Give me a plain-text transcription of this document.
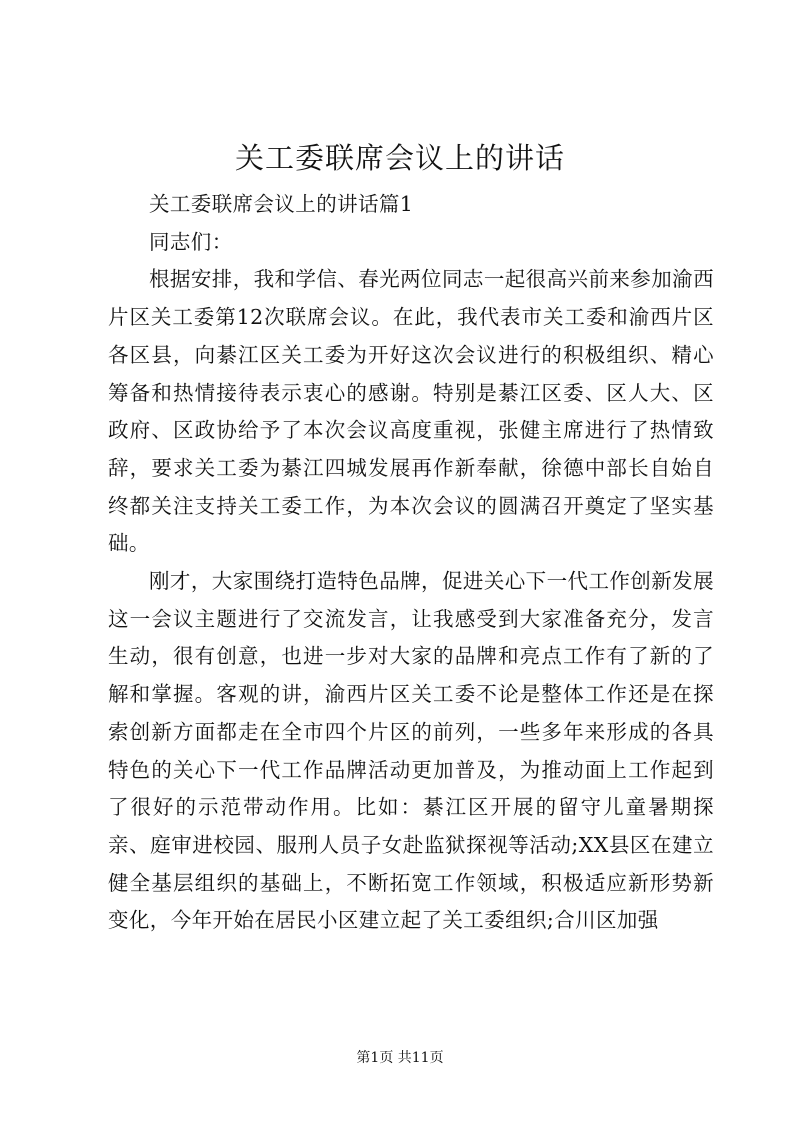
关工委联席会议上的讲话

关工委联席会议上的讲话篇1

同志们：

根据安排，我和学信、春光两位同志一起很高兴前来参加渝西片区关工委第12次联席会议。在此，我代表市关工委和渝西片区各区县，向綦江区关工委为开好这次会议进行的积极组织、精心筹备和热情接待表示衷心的感谢。特别是綦江区委、区人大、区政府、区政协给予了本次会议高度重视，张健主席进行了热情致辞，要求关工委为綦江四城发展再作新奉献，徐德中部长自始自终都关注支持关工委工作，为本次会议的圆满召开奠定了坚实基础。

刚才，大家围绕打造特色品牌，促进关心下一代工作创新发展这一会议主题进行了交流发言，让我感受到大家准备充分，发言生动，很有创意，也进一步对大家的品牌和亮点工作有了新的了解和掌握。客观的讲，渝西片区关工委不论是整体工作还是在探索创新方面都走在全市四个片区的前列，一些多年来形成的各具特色的关心下一代工作品牌活动更加普及，为推动面上工作起到了很好的示范带动作用。比如：綦江区开展的留守儿童暑期探亲、庭审进校园、服刑人员子女赴监狱探视等活动;XX县区在建立健全基层组织的基础上，不断拓宽工作领域，积极适应新形势新变化，今年开始在居民小区建立起了关工委组织;合川区加强

第1页 共11页
